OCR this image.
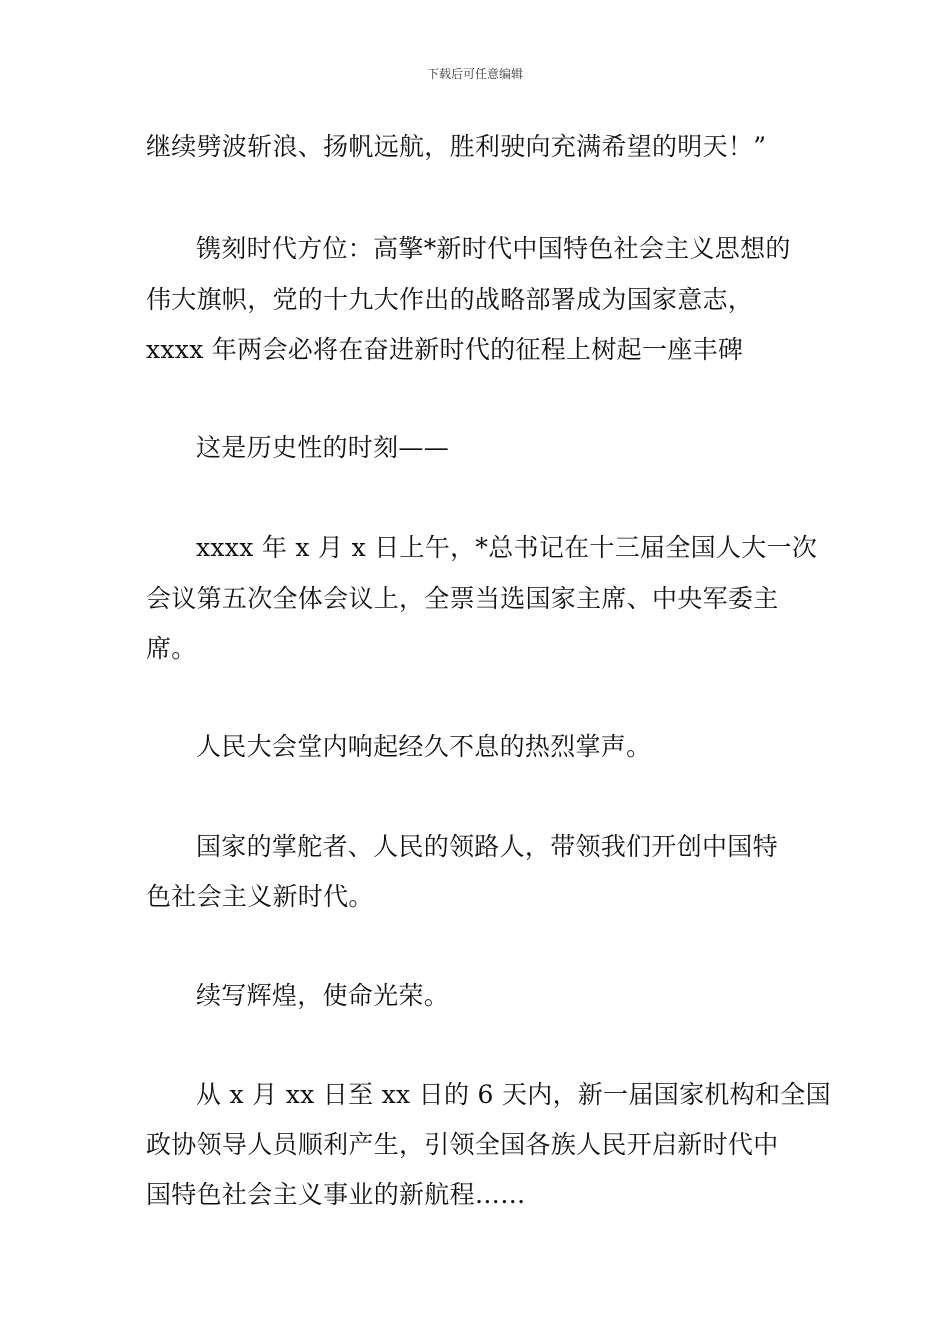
下载后可任意编辑
继续劈波斩浪、扬帆远航，胜利驶向充满希望的明天！”
镌刻时代方位：高擎*新时代中国特色社会主义思想的
伟大旗帜，党的十九大作出的战略部署成为国家意志，
xxxx 年两会必将在奋进新时代的征程上树起一座丰碑
这是历史性的时刻——
xxxx 年 x 月 x 日上午，*总书记在十三届全国人大一次
会议第五次全体会议上，全票当选国家主席、中央军委主
席。
人民大会堂内响起经久不息的热烈掌声。
国家的掌舵者、人民的领路人，带领我们开创中国特
色社会主义新时代。
续写辉煌，使命光荣。
从 x 月 xx 日至 xx 日的 6 天内，新一届国家机构和全国
政协领导人员顺利产生，引领全国各族人民开启新时代中
国特色社会主义事业的新航程……
